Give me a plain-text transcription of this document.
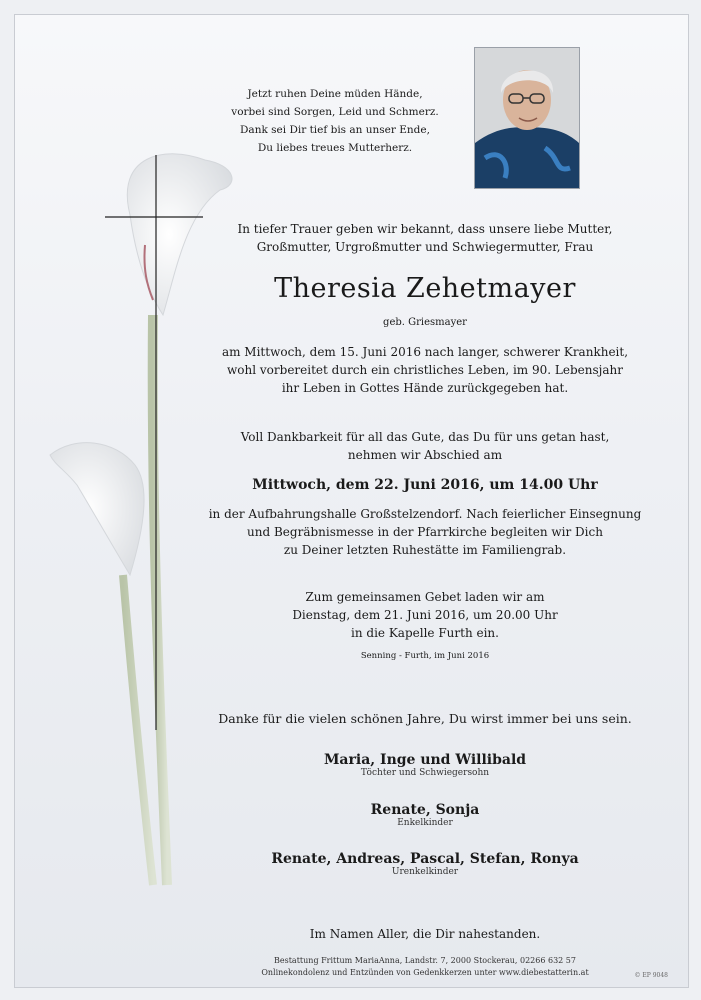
Jetzt ruhen Deine müden Hände,
vorbei sind Sorgen, Leid und Schmerz.
Dank sei Dir tief bis an unser Ende,
Du liebes treues Mutterherz.
In tiefer Trauer geben wir bekannt, dass unsere liebe Mutter,
Großmutter, Urgroßmutter und Schwiegermutter, Frau
Theresia Zehetmayer
geb. Griesmayer
am Mittwoch, dem 15. Juni 2016 nach langer, schwerer Krankheit,
wohl vorbereitet durch ein christliches Leben, im 90. Lebensjahr
ihr Leben in Gottes Hände zurückgegeben hat.
Voll Dankbarkeit für all das Gute, das Du für uns getan hast,
nehmen wir Abschied am
Mittwoch, dem 22. Juni 2016, um 14.00 Uhr
in der Aufbahrungshalle Großstelzendorf. Nach feierlicher Einsegnung
und Begräbnismesse in der Pfarrkirche begleiten wir Dich
zu Deiner letzten Ruhestätte im Familiengrab.
Zum gemeinsamen Gebet laden wir am
Dienstag, dem 21. Juni 2016, um 20.00 Uhr
in die Kapelle Furth ein.
Senning - Furth, im Juni 2016
Danke für die vielen schönen Jahre, Du wirst immer bei uns sein.
Maria, Inge und Willibald
Töchter und Schwiegersohn
Renate, Sonja
Enkelkinder
Renate, Andreas, Pascal, Stefan, Ronya
Urenkelkinder
Im Namen Aller, die Dir nahestanden.
Bestattung Frittum MariaAnna, Landstr. 7, 2000 Stockerau, 02266 632 57
Onlinekondolenz und Entzünden von Gedenkkerzen unter www.diebestatterin.at	© EP 9048
